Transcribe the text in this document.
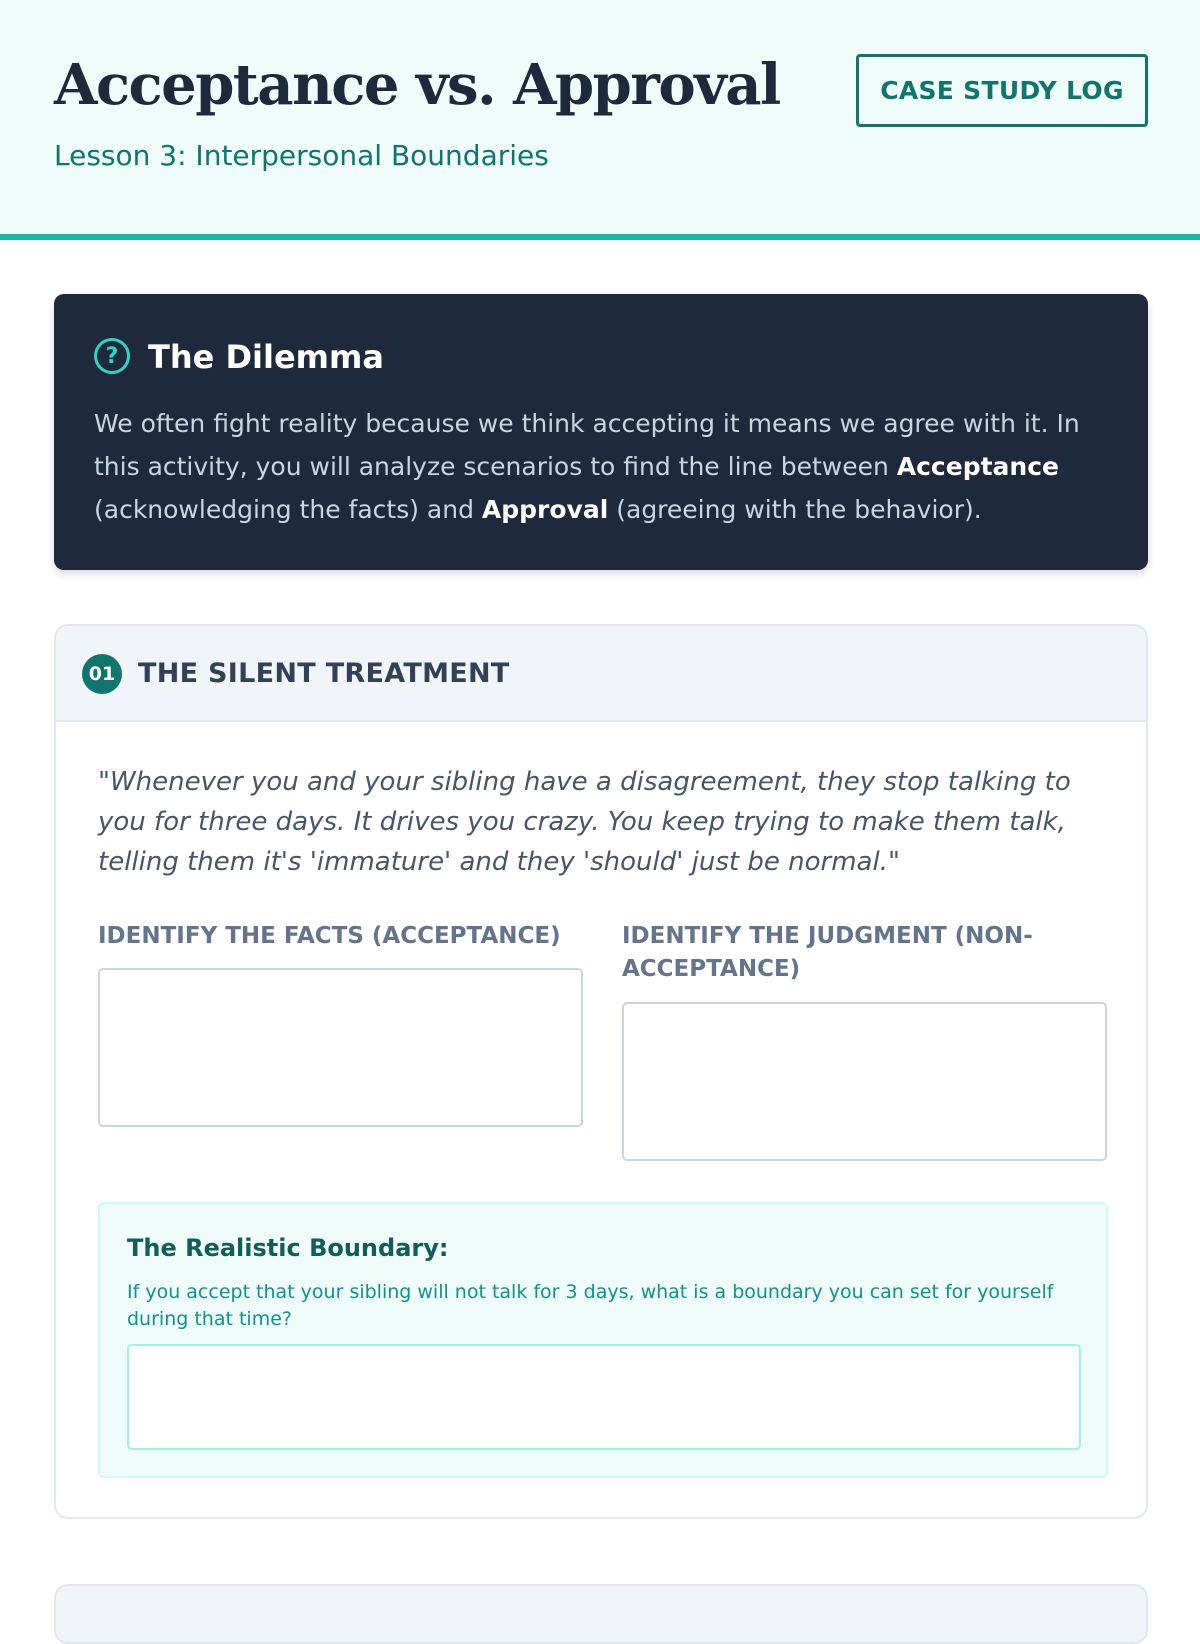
Acceptance vs. Approval
Lesson 3: Interpersonal Boundaries
CASE STUDY LOG
? The Dilemma

We often fight reality because we think accepting it means we agree with it. In this activity, you will analyze scenarios to find the line between Acceptance (acknowledging the facts) and Approval (agreeing with the behavior).

01 THE SILENT TREATMENT

"Whenever you and your sibling have a disagreement, they stop talking to you for three days. It drives you crazy. You keep trying to make them talk, telling them it's 'immature' and they 'should' just be normal."

IDENTIFY THE FACTS (ACCEPTANCE)	IDENTIFY THE JUDGMENT (NON-ACCEPTANCE)
The Realistic Boundary:

If you accept that your sibling will not talk for 3 days, what is a boundary you can set for yourself during that time?
